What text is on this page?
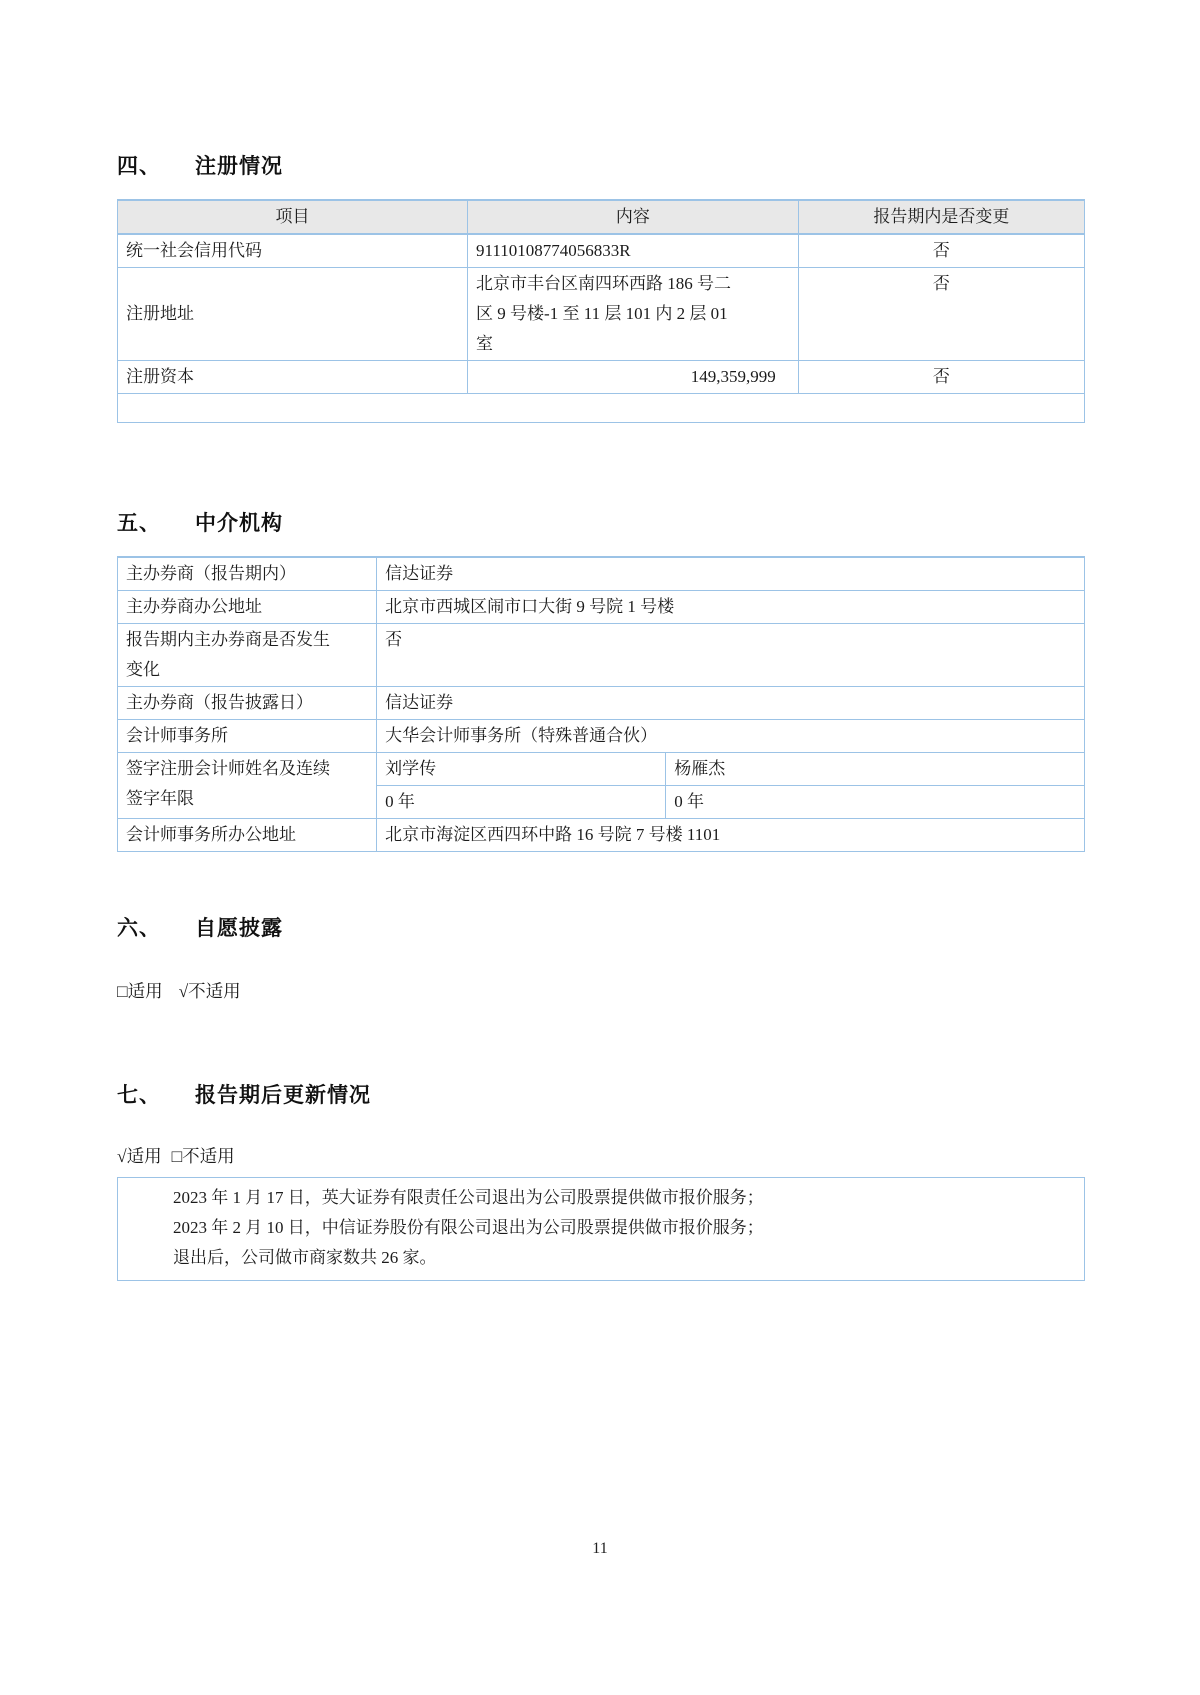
四、 注册情况
项目	内容	报告期内是否变更
统一社会信用代码	91110108774056833R	否
注册地址	北京市丰台区南四环西路 186 号二区 9 号楼-1 至 11 层 101 内 2 层 01 室	否
注册资本	149,359,999	否

五、 中介机构
主办券商（报告期内）	信达证券	
主办券商办公地址	北京市西城区闹市口大街 9 号院 1 号楼	
报告期内主办券商是否发生变化	否	
主办券商（报告披露日）	信达证券	
会计师事务所	大华会计师事务所（特殊普通合伙）	
签字注册会计师姓名及连续签字年限	刘学传	杨雁杰
	0 年	0 年
会计师事务所办公地址	北京市海淀区西四环中路 16 号院 7 号楼 1101	
六、 自愿披露
□适用 √不适用
七、 报告期后更新情况
√适用 □不适用

2023 年 1 月 17 日，英大证券有限责任公司退出为公司股票提供做市报价服务；

2023 年 2 月 10 日，中信证券股份有限公司退出为公司股票提供做市报价服务；

退出后，公司做市商家数共 26 家。

11
